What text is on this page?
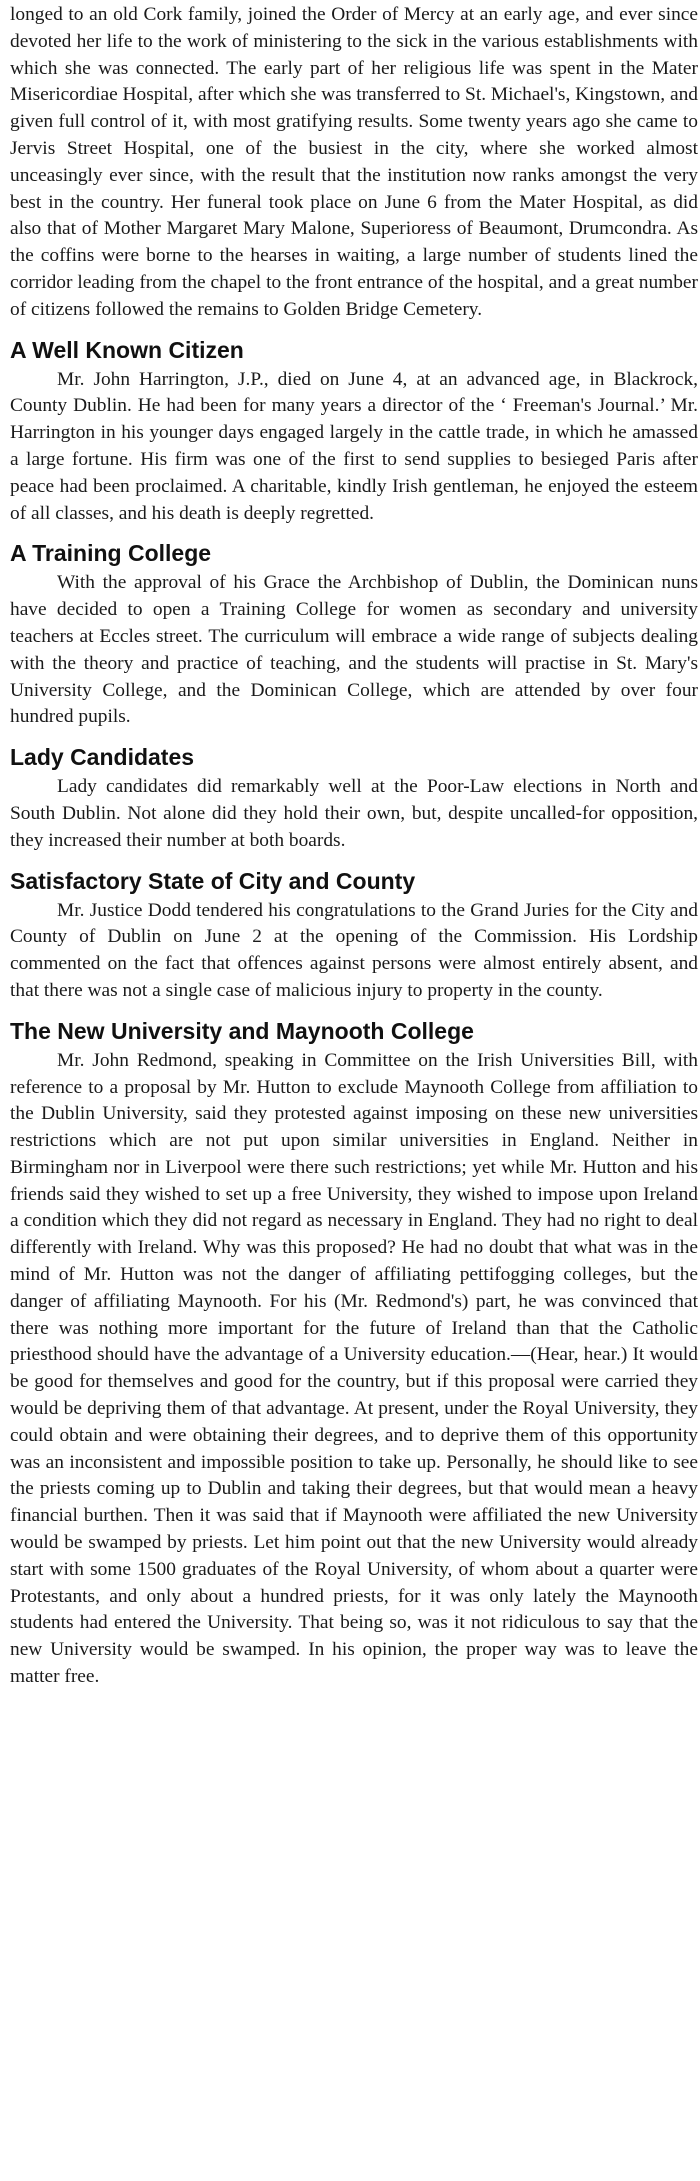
longed to an old Cork family, joined the Order of Mercy at an early age, and ever since devoted her life to the work of ministering to the sick in the various establishments with which she was connected. The early part of her religious life was spent in the Mater Misericordiae Hospital, after which she was transferred to St. Michael's, Kingstown, and given full control of it, with most gratifying results. Some twenty years ago she came to Jervis Street Hospital, one of the busiest in the city, where she worked almost unceasingly ever since, with the result that the institution now ranks amongst the very best in the country. Her funeral took place on June 6 from the Mater Hospital, as did also that of Mother Margaret Mary Malone, Superioress of Beaumont, Drumcondra. As the coffins were borne to the hearses in waiting, a large number of students lined the corridor leading from the chapel to the front entrance of the hospital, and a great number of citizens followed the remains to Golden Bridge Cemetery.

A Well Known Citizen

Mr. John Harrington, J.P., died on June 4, at an advanced age, in Blackrock, County Dublin. He had been for many years a director of the ‘ Freeman's Journal.’ Mr. Harrington in his younger days engaged largely in the cattle trade, in which he amassed a large fortune. His firm was one of the first to send supplies to besieged Paris after peace had been proclaimed. A charitable, kindly Irish gentleman, he enjoyed the esteem of all classes, and his death is deeply regretted.

A Training College

With the approval of his Grace the Archbishop of Dublin, the Dominican nuns have decided to open a Training College for women as secondary and university teachers at Eccles street. The curriculum will embrace a wide range of subjects dealing with the theory and practice of teaching, and the students will practise in St. Mary's University College, and the Dominican College, which are attended by over four hundred pupils.

Lady Candidates

Lady candidates did remarkably well at the Poor-Law elections in North and South Dublin. Not alone did they hold their own, but, despite uncalled-for opposition, they increased their number at both boards.

Satisfactory State of City and County

Mr. Justice Dodd tendered his congratulations to the Grand Juries for the City and County of Dublin on June 2 at the opening of the Commission. His Lordship commented on the fact that offences against persons were almost entirely absent, and that there was not a single case of malicious injury to property in the county.

The New University and Maynooth College

Mr. John Redmond, speaking in Committee on the Irish Universities Bill, with reference to a proposal by Mr. Hutton to exclude Maynooth College from affiliation to the Dublin University, said they protested against imposing on these new universities restrictions which are not put upon similar universities in England. Neither in Birmingham nor in Liverpool were there such restrictions; yet while Mr. Hutton and his friends said they wished to set up a free University, they wished to impose upon Ireland a condition which they did not regard as necessary in England. They had no right to deal differently with Ireland. Why was this proposed? He had no doubt that what was in the mind of Mr. Hutton was not the danger of affiliating pettifogging colleges, but the danger of affiliating Maynooth. For his (Mr. Redmond's) part, he was convinced that there was nothing more important for the future of Ireland than that the Catholic priesthood should have the advantage of a University education.—(Hear, hear.) It would be good for themselves and good for the country, but if this proposal were carried they would be depriving them of that advantage. At present, under the Royal University, they could obtain and were obtaining their degrees, and to deprive them of this opportunity was an inconsistent and impossible position to take up. Personally, he should like to see the priests coming up to Dublin and taking their degrees, but that would mean a heavy financial burthen. Then it was said that if Maynooth were affiliated the new University would be swamped by priests. Let him point out that the new University would already start with some 1500 graduates of the Royal University, of whom about a quarter were Protestants, and only about a hundred priests, for it was only lately the Maynooth students had entered the University. That being so, was it not ridiculous to say that the new University would be swamped. In his opinion, the proper way was to leave the matter free.
